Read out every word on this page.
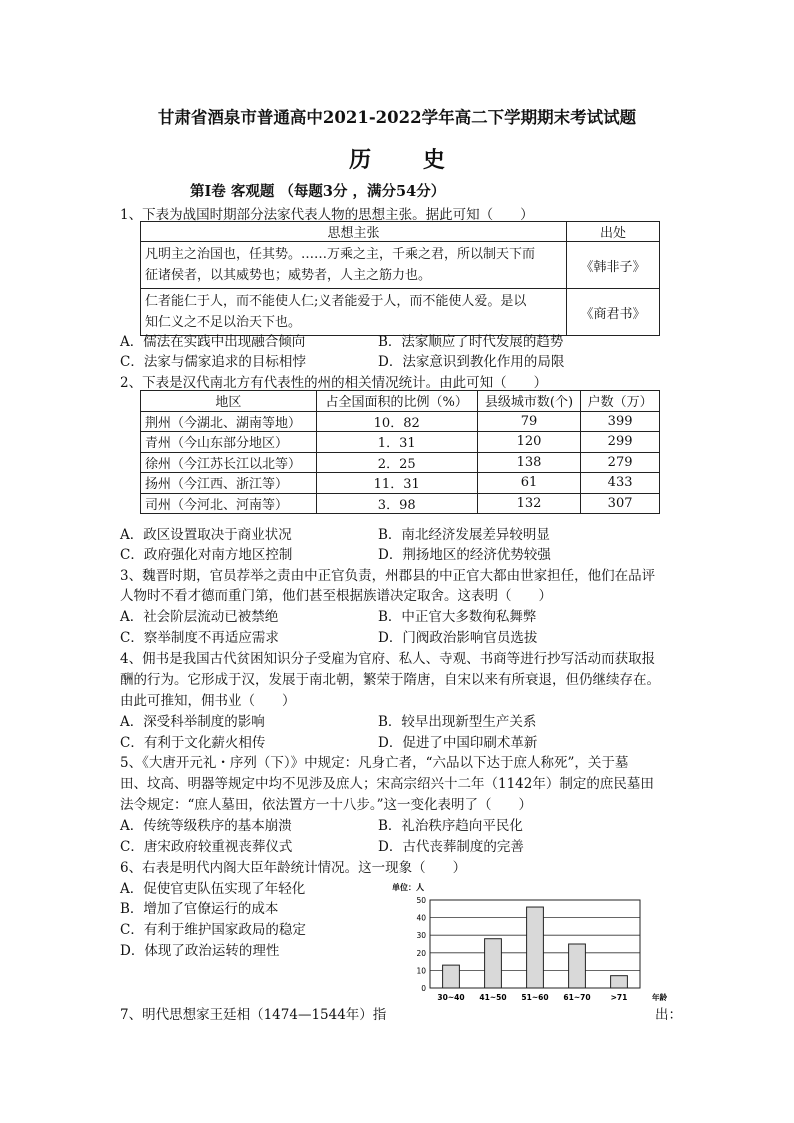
甘肃省酒泉市普通高中2021-2022学年高二下学期期末考试试题
历 史
第Ⅰ卷 客观题 （每题3分 ，满分54分）
1、下表为战国时期部分法家代表人物的思想主张。据此可知（　　）
思想主张	出处

凡明主之治国也，任其势。……万乘之主，千乘之君，所以制天下而
征诸侯者，以其威势也；威势者，人主之筋力也。	《韩非子》

仁者能仁于人，而不能使人仁;义者能爱于人，而不能使人爱。是以
知仁义之不足以治天下也。	《商君书》
A．儒法在实践中出现融合倾向	B．法家顺应了时代发展的趋势
C．法家与儒家追求的目标相悖	D．法家意识到教化作用的局限
2、下表是汉代南北方有代表性的州的相关情况统计。由此可知（　　）
地区	占全国面积的比例（%）	县级城市数(个)	户数（万）
荆州（今湖北、湖南等地）	10．82	79	399
青州（今山东部分地区）	1．31	120	299
徐州（今江苏长江以北等）	2．25	138	279
扬州（今江西、浙江等）	11．31	61	433
司州（今河北、河南等）	3．98	132	307
A．政区设置取决于商业状况	B．南北经济发展差异较明显
C．政府强化对南方地区控制	D．荆扬地区的经济优势较强
3、魏晋时期，官员荐举之责由中正官负责，州郡县的中正官大都由世家担任，他们在品评
人物时不看才德而重门第，他们甚至根据族谱决定取舍。这表明（　　）
A．社会阶层流动已被禁绝	B．中正官大多数徇私舞弊
C．察举制度不再适应需求	D．门阀政治影响官员选拔
4、佣书是我国古代贫困知识分子受雇为官府、私人、寺观、书商等进行抄写活动而获取报
酬的行为。它形成于汉，发展于南北朝，繁荣于隋唐，自宋以来有所衰退，但仍继续存在。
由此可推知，佣书业（　　）
A．深受科举制度的影响	B．较早出现新型生产关系
C．有利于文化薪火相传	D．促进了中国印刷术革新
5、《大唐开元礼・序列（下）》中规定：凡身亡者，“六品以下达于庶人称死”，关于墓
田、坟高、明器等规定中均不见涉及庶人；宋高宗绍兴十二年（1142年）制定的庶民墓田
法令规定：“庶人墓田，依法置方一十八步。”这一变化表明了（　　）
A．传统等级秩序的基本崩溃	B．礼治秩序趋向平民化
C．唐宋政府较重视丧葬仪式	D．古代丧葬制度的完善
6、右表是明代内阁大臣年龄统计情况。这一现象（　　）
A．促使官吏队伍实现了年轻化
B．增加了官僚运行的成本
C．有利于维护国家政局的稳定
D．体现了政治运转的理性
单位：人
0
10
20
30
40
50
30~40 41~50 51~60 61~70	>71	年龄
7、明代思想家王廷相（1474—1544年）指	出：
